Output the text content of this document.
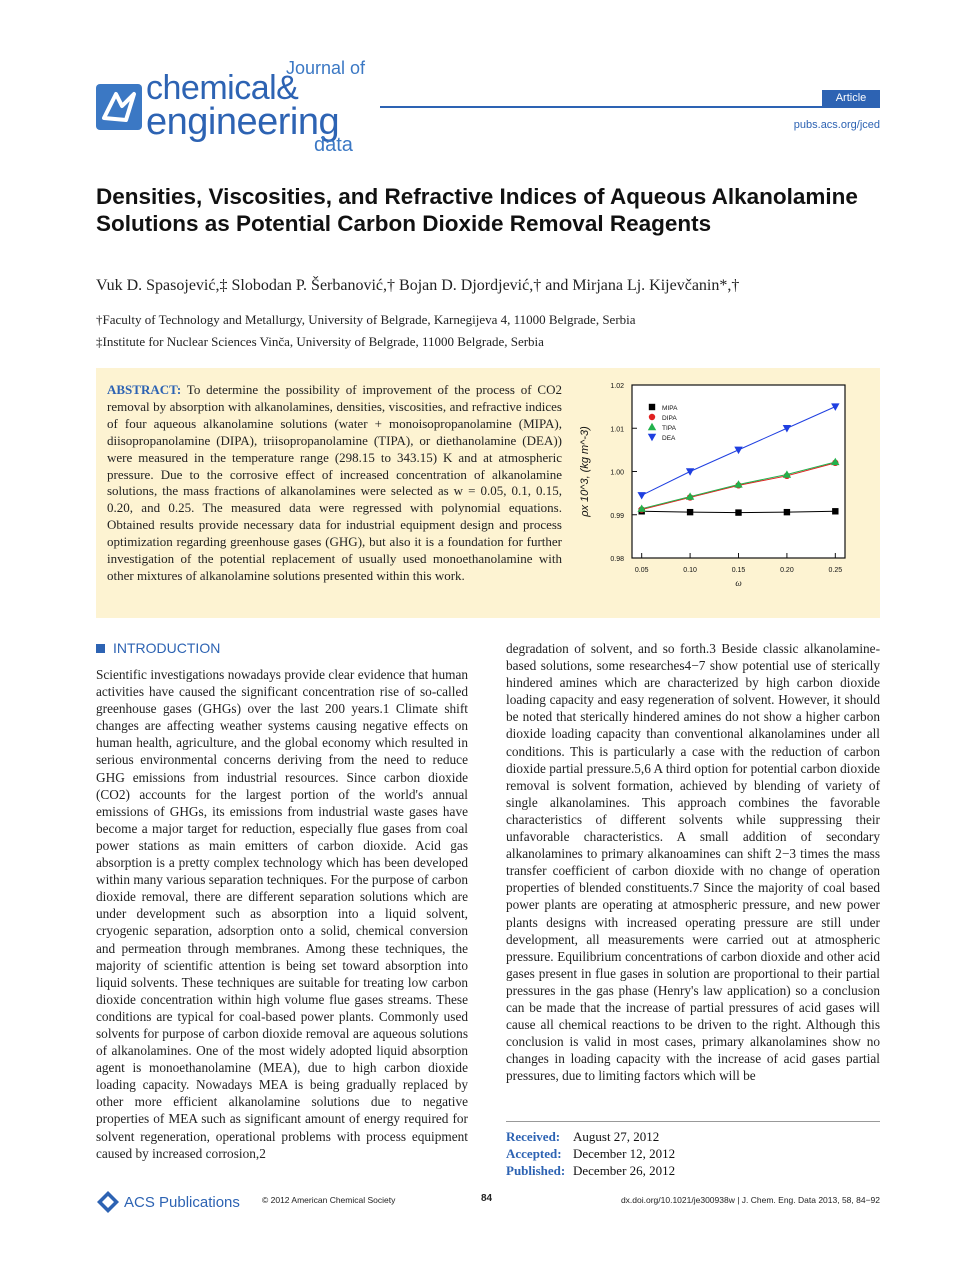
Journal of
chemical&
engineering
data
Article
pubs.acs.org/jced
Densities, Viscosities, and Refractive Indices of Aqueous Alkanolamine Solutions as Potential Carbon Dioxide Removal Reagents
Vuk D. Spasojević,‡ Slobodan P. Šerbanović,† Bojan D. Djordjević,† and Mirjana Lj. Kijevčanin*,†
†Faculty of Technology and Metallurgy, University of Belgrade, Karnegijeva 4, 11000 Belgrade, Serbia
‡Institute for Nuclear Sciences Vinča, University of Belgrade, 11000 Belgrade, Serbia
ABSTRACT: To determine the possibility of improvement of the process of CO2 removal by absorption with alkanolamines, densities, viscosities, and refractive indices of four aqueous alkanolamine solutions (water + monoisopropanolamine (MIPA), diisopropanolamine (DIPA), triisopropanolamine (TIPA), or diethanolamine (DEA)) were measured in the temperature range (298.15 to 343.15) K and at atmospheric pressure. Due to the corrosive effect of increased concentration of alkanolamine solutions, the mass fractions of alkanolamines were selected as w = 0.05, 0.1, 0.15, 0.20, and 0.25. The measured data were regressed with polynomial equations. Obtained results provide necessary data for industrial equipment design and process optimization regarding greenhouse gases (GHG), but also it is a foundation for further investigation of the potential replacement of usually used monoethanolamine with other mixtures of alkanolamine solutions presented within this work.
0.98
0.99
1.00
1.01
1.02
0.05	0.10	0.15	0.20	0.25
ω
ρx 10^3, (kg m^-3)
MIPA
DIPA
TIPA
DEA
INTRODUCTION

Scientific investigations nowadays provide clear evidence that human activities have caused the significant concentration rise of so-called greenhouse gases (GHGs) over the last 200 years.1 Climate shift changes are affecting weather systems causing negative effects on human health, agriculture, and the global economy which resulted in serious environmental concerns deriving from the need to reduce GHG emissions from industrial resources. Since carbon dioxide (CO2) accounts for the largest portion of the world's annual emissions of GHGs, its emissions from industrial waste gases have become a major target for reduction, especially flue gases from coal power stations as main emitters of carbon dioxide. Acid gas absorption is a pretty complex technology which has been developed within many various separation techniques. For the purpose of carbon dioxide removal, there are different separation solutions which are under development such as absorption into a liquid solvent, cryogenic separation, adsorption onto a solid, chemical conversion and permeation through membranes. Among these techniques, the majority of scientific attention is being set toward absorption into liquid solvents. These techniques are suitable for treating low carbon dioxide concentration within high volume flue gases streams. These conditions are typical for coal-based power plants. Commonly used solvents for purpose of carbon dioxide removal are aqueous solutions of alkanolamines. One of the most widely adopted liquid absorption agent is monoethanolamine (MEA), due to high carbon dioxide loading capacity. Nowadays MEA is being gradually replaced by other more efficient alkanolamine solutions due to negative properties of MEA such as significant amount of energy required for solvent regeneration, operational problems with process equipment caused by increased corrosion,2

degradation of solvent, and so forth.3 Beside classic alkanolamine-based solutions, some researches4−7 show potential use of sterically hindered amines which are characterized by high carbon dioxide loading capacity and easy regeneration of solvent. However, it should be noted that sterically hindered amines do not show a higher carbon dioxide loading capacity than conventional alkanolamines under all conditions. This is particularly a case with the reduction of carbon dioxide partial pressure.5,6 A third option for potential carbon dioxide removal is solvent formation, achieved by blending of variety of single alkanolamines. This approach combines the favorable characteristics of different solvents while suppressing their unfavorable characteristics. A small addition of secondary alkanolamines to primary alkanoamines can shift 2−3 times the mass transfer coefficient of carbon dioxide with no change of operation properties of blended constituents.7 Since the majority of coal based power plants are operating at atmospheric pressure, and new power plants designs with increased operating pressure are still under development, all measurements were carried out at atmospheric pressure. Equilibrium concentrations of carbon dioxide and other acid gases present in flue gases in solution are proportional to their partial pressures in the gas phase (Henry's law application) so a conclusion can be made that the increase of partial pressures of acid gases will cause all chemical reactions to be driven to the right. Although this conclusion is valid in most cases, primary alkanolamines show no changes in loading capacity with the increase of acid gases partial pressures, due to limiting factors which will be

Received: August 27, 2012
Accepted: December 12, 2012
Published: December 26, 2012
ACS Publications	© 2012 American Chemical Society	84	dx.doi.org/10.1021/je300938w | J. Chem. Eng. Data 2013, 58, 84−92
